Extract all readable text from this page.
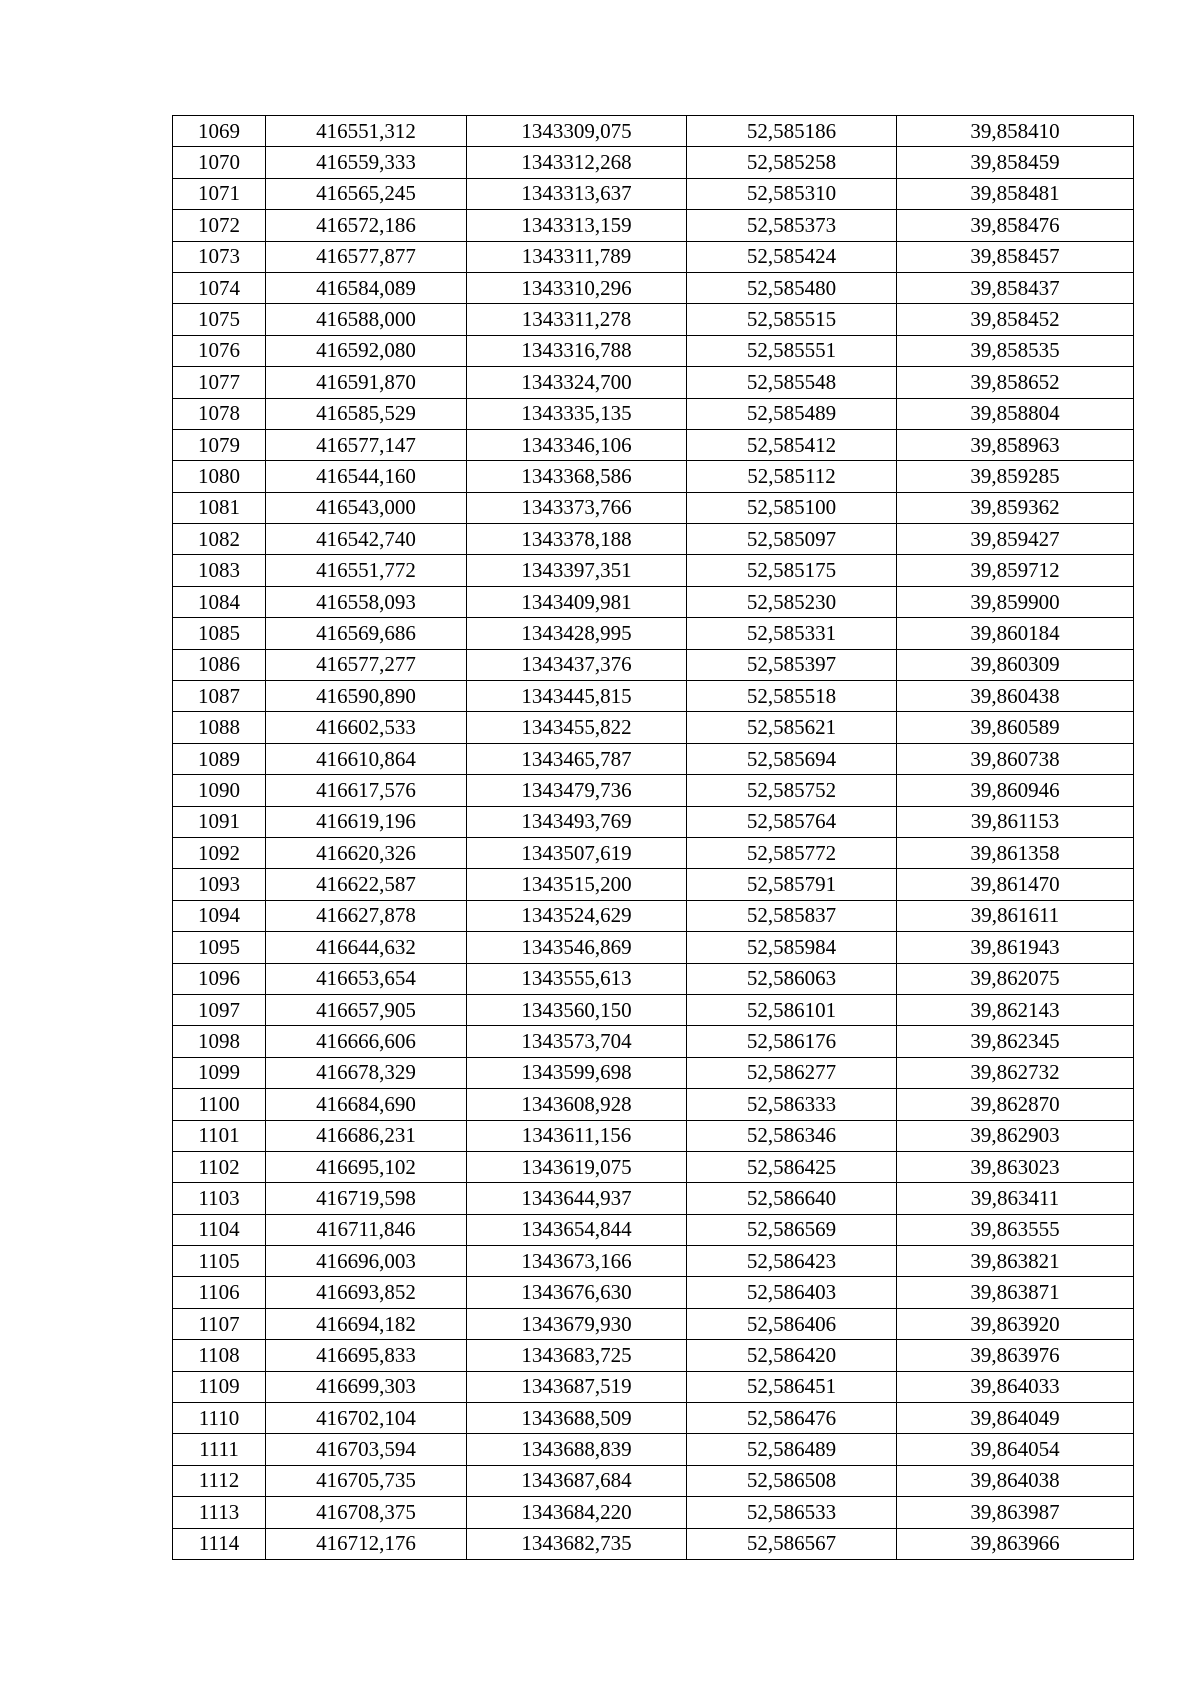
1069	416551,312	1343309,075	52,585186	39,858410
1070	416559,333	1343312,268	52,585258	39,858459
1071	416565,245	1343313,637	52,585310	39,858481
1072	416572,186	1343313,159	52,585373	39,858476
1073	416577,877	1343311,789	52,585424	39,858457
1074	416584,089	1343310,296	52,585480	39,858437
1075	416588,000	1343311,278	52,585515	39,858452
1076	416592,080	1343316,788	52,585551	39,858535
1077	416591,870	1343324,700	52,585548	39,858652
1078	416585,529	1343335,135	52,585489	39,858804
1079	416577,147	1343346,106	52,585412	39,858963
1080	416544,160	1343368,586	52,585112	39,859285
1081	416543,000	1343373,766	52,585100	39,859362
1082	416542,740	1343378,188	52,585097	39,859427
1083	416551,772	1343397,351	52,585175	39,859712
1084	416558,093	1343409,981	52,585230	39,859900
1085	416569,686	1343428,995	52,585331	39,860184
1086	416577,277	1343437,376	52,585397	39,860309
1087	416590,890	1343445,815	52,585518	39,860438
1088	416602,533	1343455,822	52,585621	39,860589
1089	416610,864	1343465,787	52,585694	39,860738
1090	416617,576	1343479,736	52,585752	39,860946
1091	416619,196	1343493,769	52,585764	39,861153
1092	416620,326	1343507,619	52,585772	39,861358
1093	416622,587	1343515,200	52,585791	39,861470
1094	416627,878	1343524,629	52,585837	39,861611
1095	416644,632	1343546,869	52,585984	39,861943
1096	416653,654	1343555,613	52,586063	39,862075
1097	416657,905	1343560,150	52,586101	39,862143
1098	416666,606	1343573,704	52,586176	39,862345
1099	416678,329	1343599,698	52,586277	39,862732
1100	416684,690	1343608,928	52,586333	39,862870
1101	416686,231	1343611,156	52,586346	39,862903
1102	416695,102	1343619,075	52,586425	39,863023
1103	416719,598	1343644,937	52,586640	39,863411
1104	416711,846	1343654,844	52,586569	39,863555
1105	416696,003	1343673,166	52,586423	39,863821
1106	416693,852	1343676,630	52,586403	39,863871
1107	416694,182	1343679,930	52,586406	39,863920
1108	416695,833	1343683,725	52,586420	39,863976
1109	416699,303	1343687,519	52,586451	39,864033
1110	416702,104	1343688,509	52,586476	39,864049
1111	416703,594	1343688,839	52,586489	39,864054
1112	416705,735	1343687,684	52,586508	39,864038
1113	416708,375	1343684,220	52,586533	39,863987
1114	416712,176	1343682,735	52,586567	39,863966
